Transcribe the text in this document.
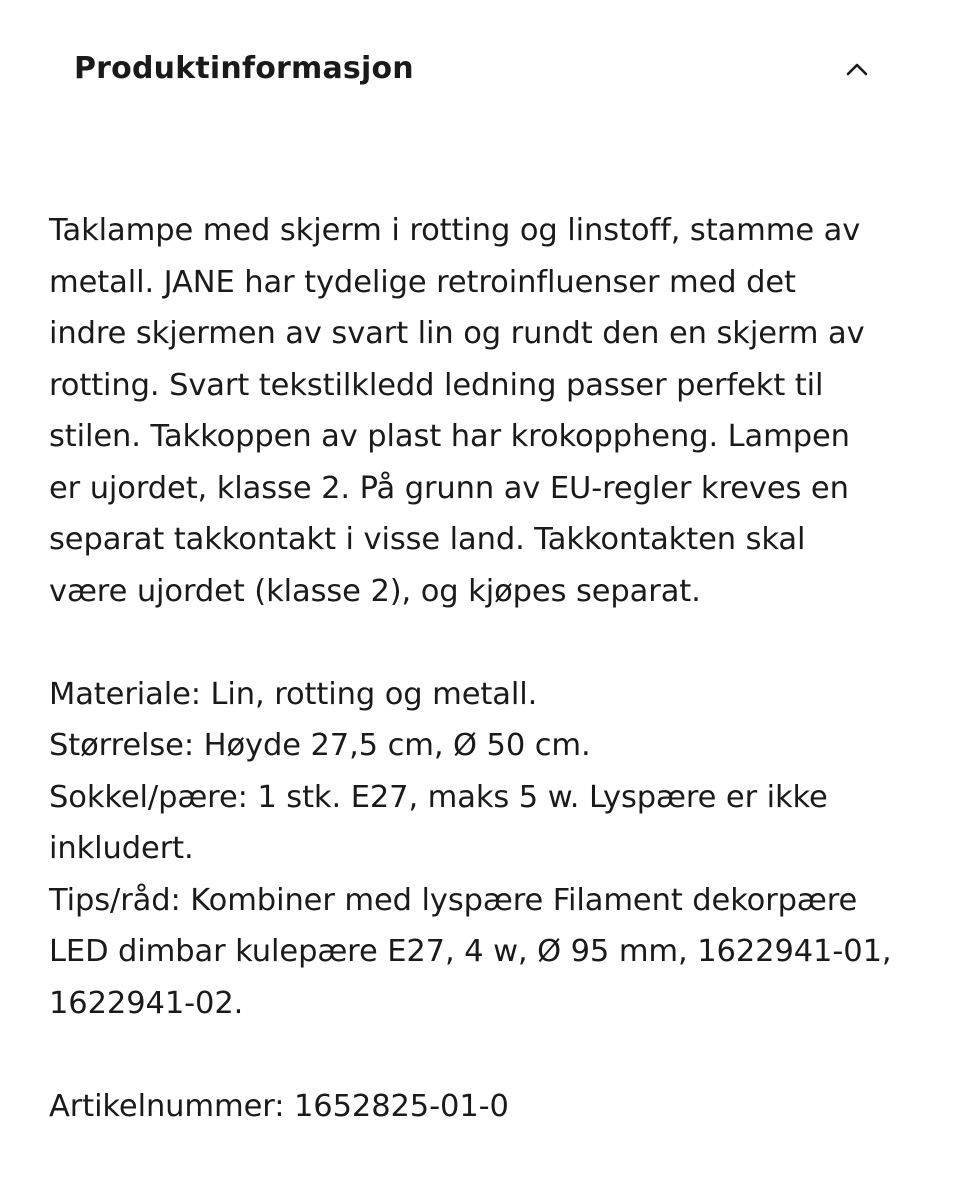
Produktinformasjon
Taklampe med skjerm i rotting og linstoff, stamme av
metall. JANE har tydelige retroinfluenser med det
indre skjermen av svart lin og rundt den en skjerm av
rotting. Svart tekstilkledd ledning passer perfekt til
stilen. Takkoppen av plast har krokoppheng. Lampen
er ujordet, klasse 2. På grunn av EU-regler kreves en
separat takkontakt i visse land. Takkontakten skal
være ujordet (klasse 2), og kjøpes separat.
Materiale: Lin, rotting og metall.
Størrelse: Høyde 27,5 cm, Ø 50 cm.
Sokkel/pære: 1 stk. E27, maks 5 w. Lyspære er ikke
inkludert.
Tips/råd: Kombiner med lyspære Filament dekorpære
LED dimbar kulepære E27, 4 w, Ø 95 mm, 1622941-01,
1622941-02.
Artikelnummer: 1652825-01-0
